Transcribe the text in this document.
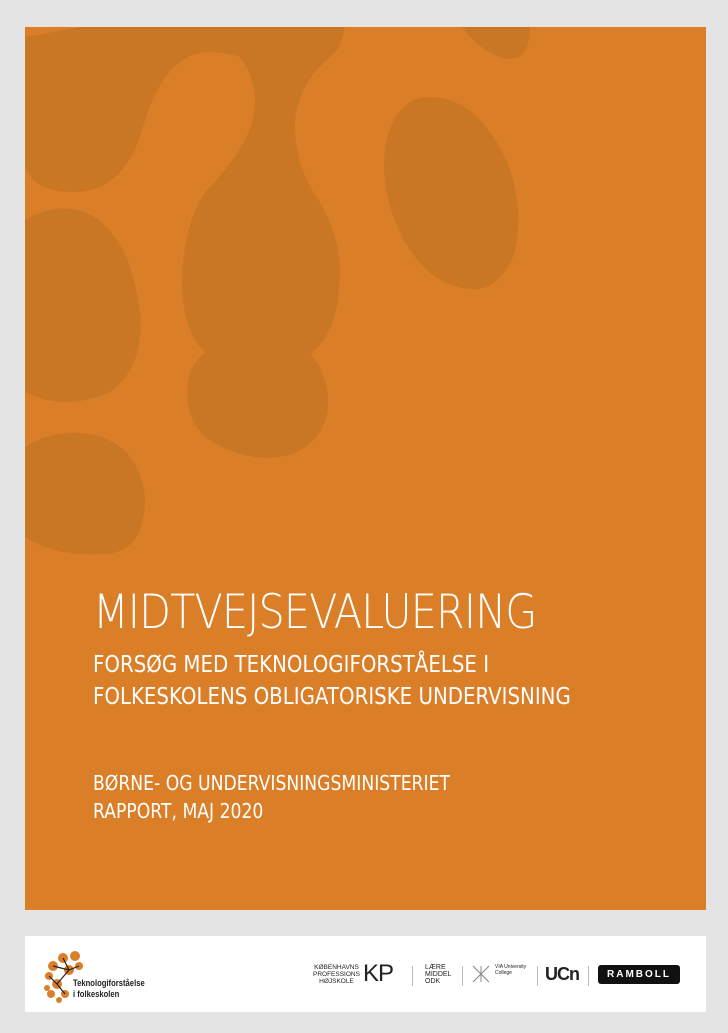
MIDTVEJSEVALUERING
FORSØG MED TEKNOLOGIFORSTÅELSE I
FOLKESKOLENS OBLIGATORISKE UNDERVISNING
BØRNE- OG UNDERVISNINGSMINISTERIET
RAPPORT, MAJ 2020
Teknologiforståelse
i folkeskolen
KØBENHAVNS
PROFESSIONS
HØJSKOLE KP	LÆRE
MIDDEL
ODK
VIA University
College	UCn	RAMBOLL
